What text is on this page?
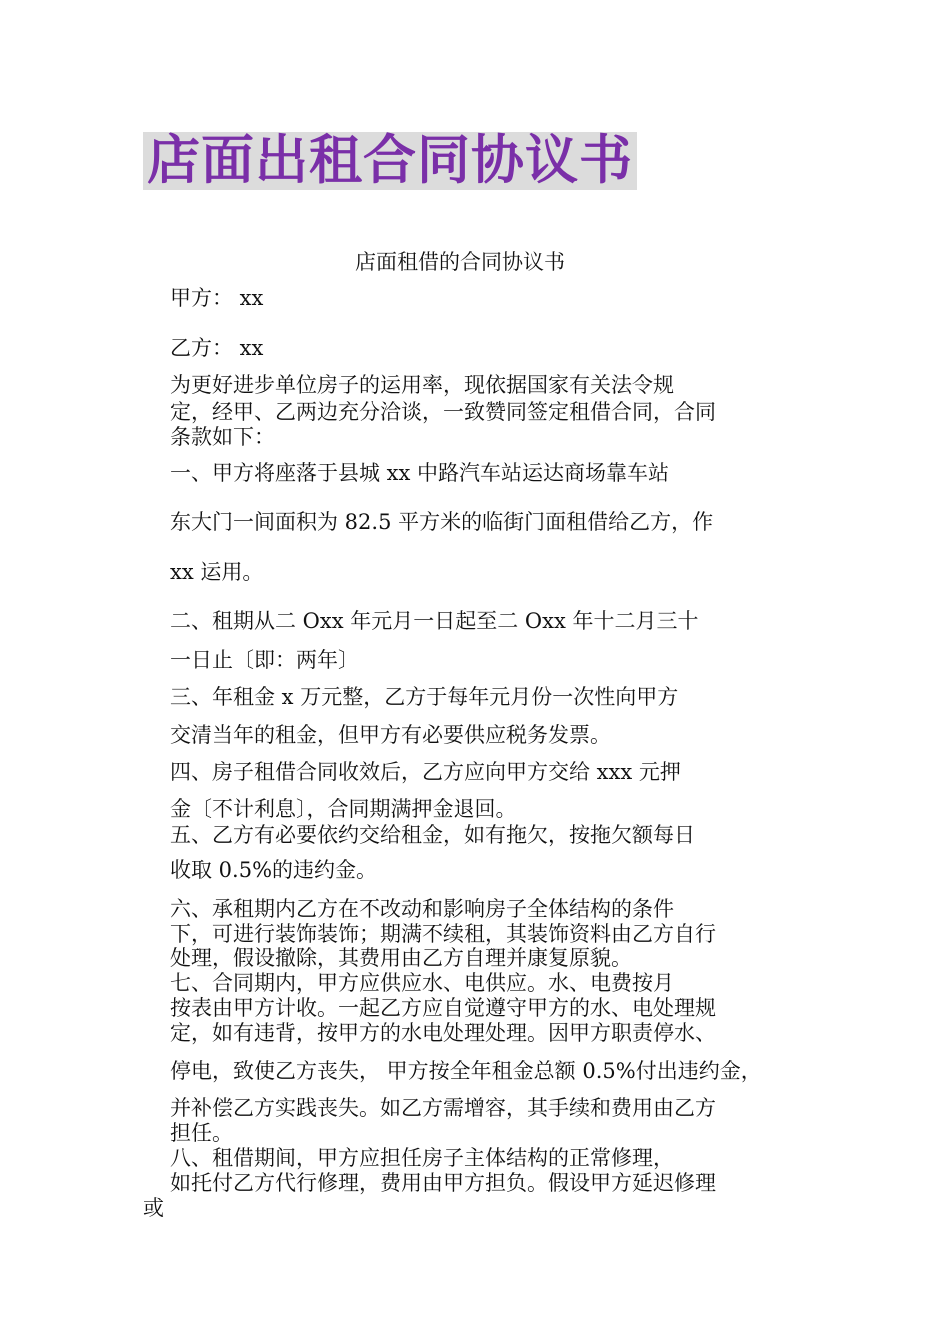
店面出租合同协议书
店面租借的合同协议书
甲方： xx
乙方： xx
为更好进步单位房子的运用率，现依据国家有关法令规
定，经甲、乙两边充分洽谈，一致赞同签定租借合同，合同
条款如下：
一、甲方将座落于县城 xx 中路汽车站运达商场靠车站
东大门一间面积为 82.5 平方米的临街门面租借给乙方，作
xx 运用。
二、租期从二 Oxx 年元月一日起至二 Oxx 年十二月三十
一日止〔即：两年〕
三、年租金 x 万元整，乙方于每年元月份一次性向甲方
交清当年的租金，但甲方有必要供应税务发票。
四、房子租借合同收效后，乙方应向甲方交给 xxx 元押
金〔不计利息〕，合同期满押金退回。
五、乙方有必要依约交给租金，如有拖欠，按拖欠额每日
收取 0.5%的违约金。
六、承租期内乙方在不改动和影响房子全体结构的条件
下，可进行装饰装饰；期满不续租，其装饰资料由乙方自行
处理，假设撤除，其费用由乙方自理并康复原貌。
七、合同期内，甲方应供应水、电供应。水、电费按月
按表由甲方计收。一起乙方应自觉遵守甲方的水、电处理规
定，如有违背，按甲方的水电处理处理。因甲方职责停水、
停电，致使乙方丧失， 甲方按全年租金总额 0.5%付出违约金，
并补偿乙方实践丧失。如乙方需增容，其手续和费用由乙方
担任。
八、租借期间，甲方应担任房子主体结构的正常修理，
如托付乙方代行修理，费用由甲方担负。假设甲方延迟修理
或
